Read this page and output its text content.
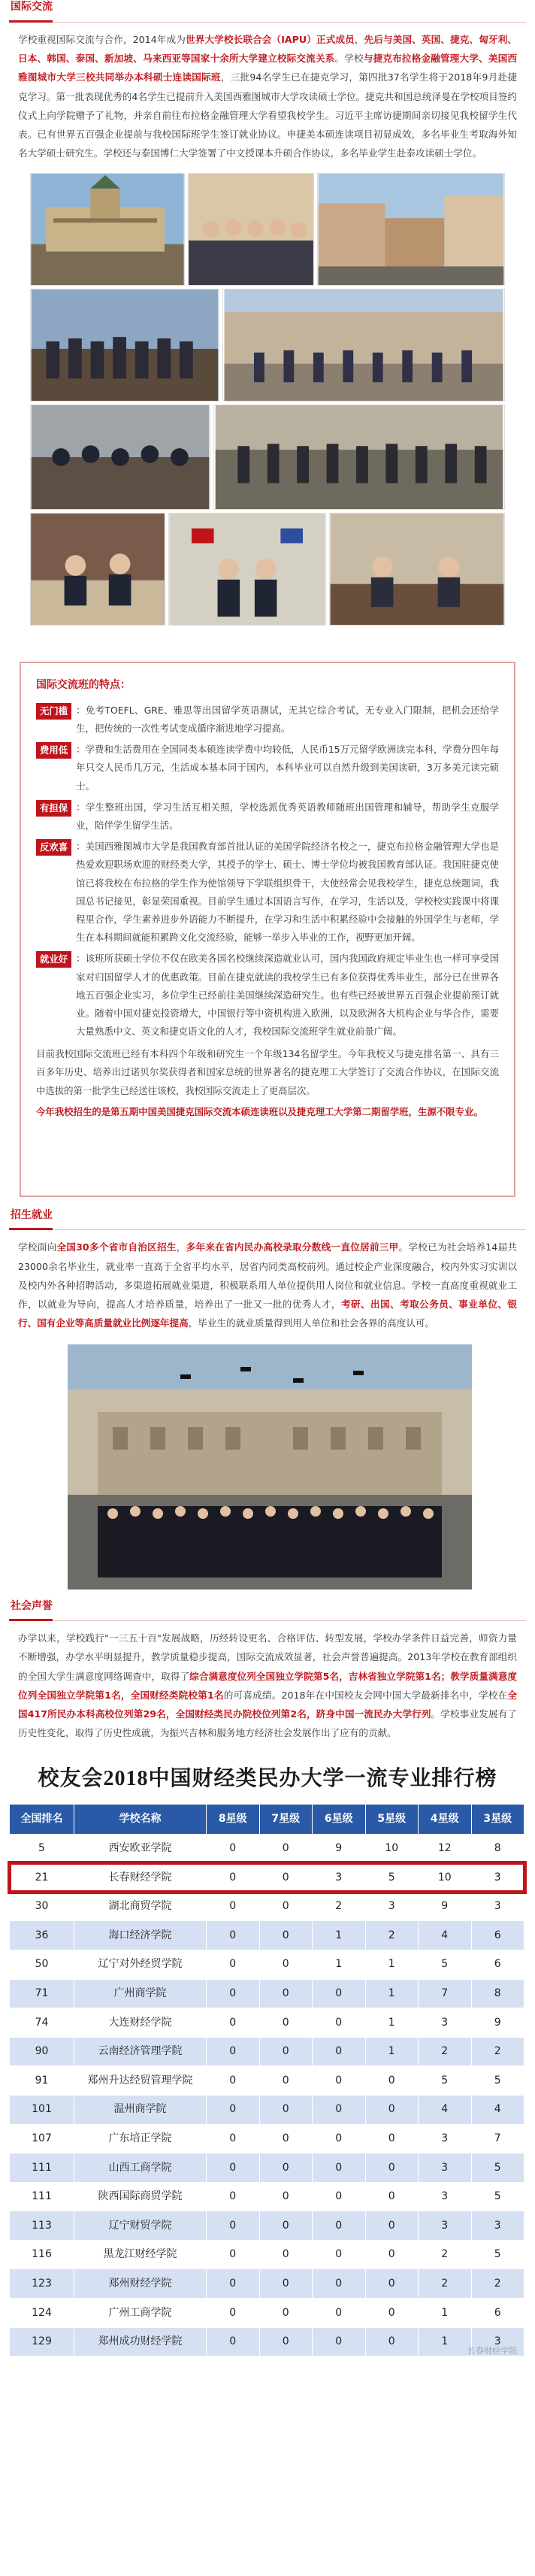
国际交流

学校重视国际交流与合作，2014年成为世界大学校长联合会（IAPU）正式成员，先后与美国、英国、捷克、匈牙利、日本、韩国、泰国、新加坡、马来西亚等国家十余所大学建立校际交流关系。学校与捷克布拉格金融管理大学、美国西雅图城市大学三校共同举办本科硕士连读国际班，三批94名学生已在捷克学习，第四批37名学生将于2018年9月赴捷克学习。第一批表现优秀的4名学生已提前升入美国西雅图城市大学攻读硕士学位。捷克共和国总统泽曼在学校项目签约仪式上向学院赠予了礼物，并亲自前往布拉格金融管理大学看望我校学生。习近平主席访捷期间亲切接见我校留学生代表。已有世界五百强企业提前与我校国际班学生签订就业协议。申捷美本硕连读项目初显成效，多名毕业生考取海外知名大学硕士研究生。学校还与泰国博仁大学签署了中文授课本升硕合作协议，多名毕业学生赴泰攻读硕士学位。

国际交流班的特点：
无门槛 ：免考TOEFL、GRE、雅思等出国留学英语测试，无其它综合考试，无专业入门限制，把机会还给学生，把传统的一次性考试变成循序渐进地学习提高。
费用低 ：学费和生活费用在全国同类本硕连读学费中均较低，人民币15万元留学欧洲读完本科，学费分四年每年只交人民币几万元，生活成本基本同于国内，本科毕业可以自然升级到美国读研，3万多美元读完硕士。
有担保 ：学生整班出国，学习生活互相关照，学校选派优秀英语教师随班出国管理和辅导，帮助学生克服学业，陪伴学生留学生活。
反欢喜 ：美国西雅图城市大学是我国教育部首批认证的美国学院经济名校之一，捷克布拉格金融管理大学也是热爱欢迎职场欢迎的财经类大学，其授予的学士、硕士、博士学位均被我国教育部认证。我国驻捷克使馆已将我校在布拉格的学生作为使馆领导下学联组织骨干，大使经常会见我校学生，捷克总统题词，我国总书记接见，彰显荣国重视。目前学生通过本国语言写作，在学习，生活以及，学校校实践课中将课程里合作，学生素养进步外语能力不断提升，在学习和生活中积累经验中会接触的外国学生与老师，学生在本科期间就能积累跨文化交流经验，能够一举步入毕业的工作，视野更加开阔。
就业好 ：该班所获硕士学位不仅在欧美各国名校继续深造就业认可，国内我国政府规定毕业生也一样可享受国家对归国留学人才的优惠政策。目前在捷克就读的我校学生已有多位获得优秀毕业生，部分已在世界各地五百强企业实习，多位学生已经前往美国继续深造研究生。也有些已经被世界五百强企业提前预订就业。随着中国对捷克投资增大，中国银行等中资机构进入欧洲，以及欧洲各大机构企业与华合作，需要大量熟悉中文、英文和捷克语文化的人才，我校国际交流班学生就业前景广阔。

目前我校国际交流班已经有本科四个年级和研究生一个年级134名留学生。今年我校又与捷克排名第一、具有三百多年历史、培养出过诺贝尔奖获得者和国家总统的世界著名的捷克理工大学签订了交流合作协议，在国际交流中选拔的第一批学生已经送往该校，我校国际交流走上了更高层次。

今年我校招生的是第五期中国美国捷克国际交流本硕连读班以及捷克理工大学第二期留学班，生源不限专业。

招生就业

学校面向全国30多个省市自治区招生，多年来在省内民办高校录取分数线一直位居前三甲。学校已为社会培养14届共23000余名毕业生，就业率一直高于全省平均水平，居省内同类高校前列。通过校企产业深度融合，校内外实习实训以及校内外各种招聘活动，多渠道拓展就业渠道，积极联系用人单位提供用人岗位和就业信息。学校一直高度重视就业工作，以就业为导向，提高人才培养质量，培养出了一批又一批的优秀人才，考研、出国、考取公务员、事业单位、银行、国有企业等高质量就业比例逐年提高，毕业生的就业质量得到用人单位和社会各界的高度认可。

社会声誉

办学以来，学校践行"一三五十百"发展战略，历经转设更名、合格评估、转型发展，学校办学条件日益完善，师资力量不断增强，办学水平明显提升，教学质量稳步提高，国际交流成效显著，社会声誉普遍提高。2013年学校在教育部组织的全国大学生满意度网络调查中，取得了综合满意度位列全国独立学院第5名，吉林省独立学院第1名；教学质量满意度位列全国独立学院第1名，全国财经类院校第1名的可喜成绩。2018年在中国校友会网中国大学最新排名中，学校在全国417所民办本科高校位列第29名，全国财经类民办院校位列第2名，跻身中国一流民办大学行列。学校事业发展有了历史性变化，取得了历史性成就，为振兴吉林和服务地方经济社会发展作出了应有的贡献。

校友会2018中国财经类民办大学一流专业排行榜
全国排名	学校名称	8星级	7星级	6星级	5星级	4星级	3星级
5	西安欧亚学院	0	0	9	10	12	8
21	长春财经学院	0	0	3	5	10	3
30	湖北商贸学院	0	0	2	3	9	3
36	海口经济学院	0	0	1	2	4	6
50	辽宁对外经贸学院	0	0	1	1	5	6
71	广州商学院	0	0	0	1	7	8
74	大连财经学院	0	0	0	1	3	9
90	云南经济管理学院	0	0	0	1	2	2
91	郑州升达经贸管理学院	0	0	0	0	5	5
101	温州商学院	0	0	0	0	4	4
107	广东培正学院	0	0	0	0	3	7
111	山西工商学院	0	0	0	0	3	5
111	陕西国际商贸学院	0	0	0	0	3	5
113	辽宁财贸学院	0	0	0	0	3	3
116	黑龙江财经学院	0	0	0	0	2	5
123	郑州财经学院	0	0	0	0	2	2
124	广州工商学院	0	0	0	0	1	6
129	郑州成功财经学院	0	0	0	0	1	3
长春财经学院
